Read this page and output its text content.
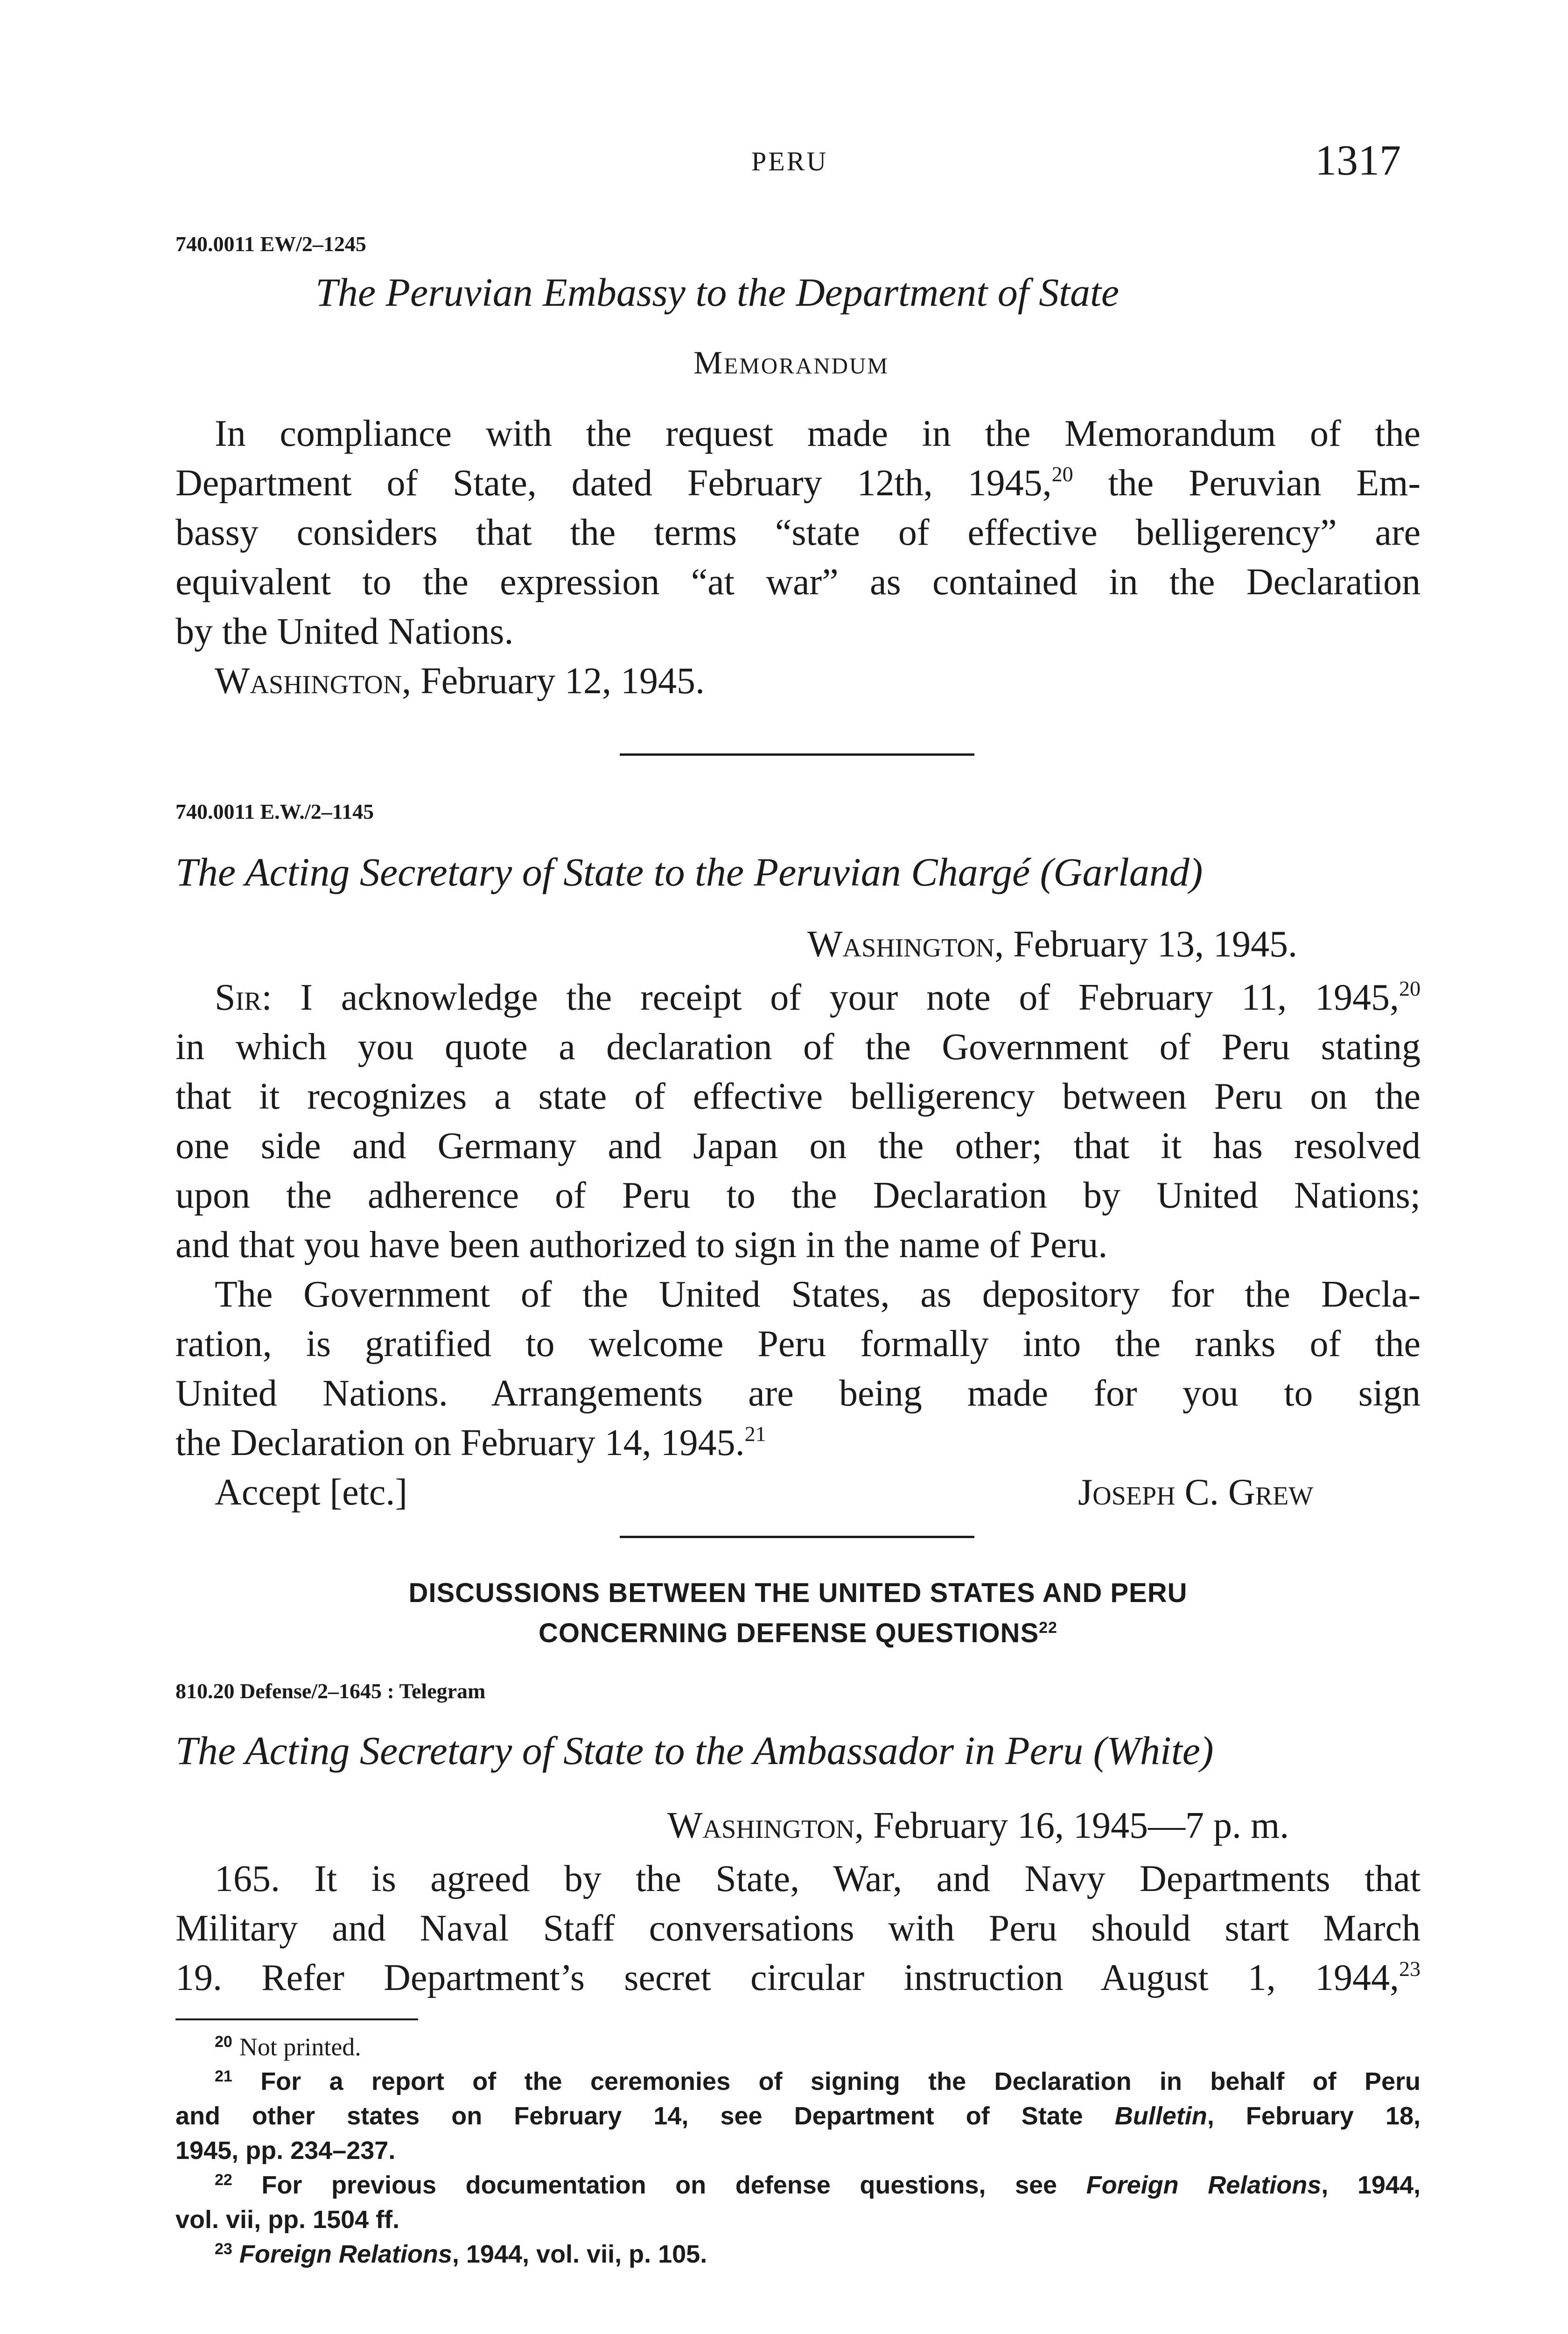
PERU	1317
740.0011 EW/2–1245
The Peruvian Embassy to the Department of State
Memorandum
In compliance with the request made in the Memorandum of the
Department of State, dated February 12th, 1945,20 the Peruvian Em-
bassy considers that the terms “state of effective belligerency” are
equivalent to the expression “at war” as contained in the Declaration
by the United Nations.
Washington, February 12, 1945.
740.0011 E.W./2–1145
The Acting Secretary of State to the Peruvian Chargé (Garland)
Washington, February 13, 1945.
Sir: I acknowledge the receipt of your note of February 11, 1945,20
in which you quote a declaration of the Government of Peru stating
that it recognizes a state of effective belligerency between Peru on the
one side and Germany and Japan on the other; that it has resolved
upon the adherence of Peru to the Declaration by United Nations;
and that you have been authorized to sign in the name of Peru.
The Government of the United States, as depository for the Decla-
ration, is gratified to welcome Peru formally into the ranks of the
United Nations. Arrangements are being made for you to sign
the Declaration on February 14, 1945.21
Accept [etc.]	Joseph C. Grew
DISCUSSIONS BETWEEN THE UNITED STATES AND PERU
CONCERNING DEFENSE QUESTIONS$^{22}$
810.20 Defense/2–1645 : Telegram
The Acting Secretary of State to the Ambassador in Peru (White)
Washington, February 16, 1945—7 p. m.
165. It is agreed by the State, War, and Navy Departments that
Military and Naval Staff conversations with Peru should start March
19. Refer Department’s secret circular instruction August 1, 1944,23
$^{20}$ Not printed.
$^{21}$ For a report of the ceremonies of signing the Declaration in behalf of Peru
and other states on February 14, see Department of State Bulletin, February 18,
1945, pp. 234–237.
$^{22}$ For previous documentation on defense questions, see Foreign Relations, 1944,
vol. vii, pp. 1504 ff.
$^{23}$ Foreign Relations, 1944, vol. vii, p. 105.
